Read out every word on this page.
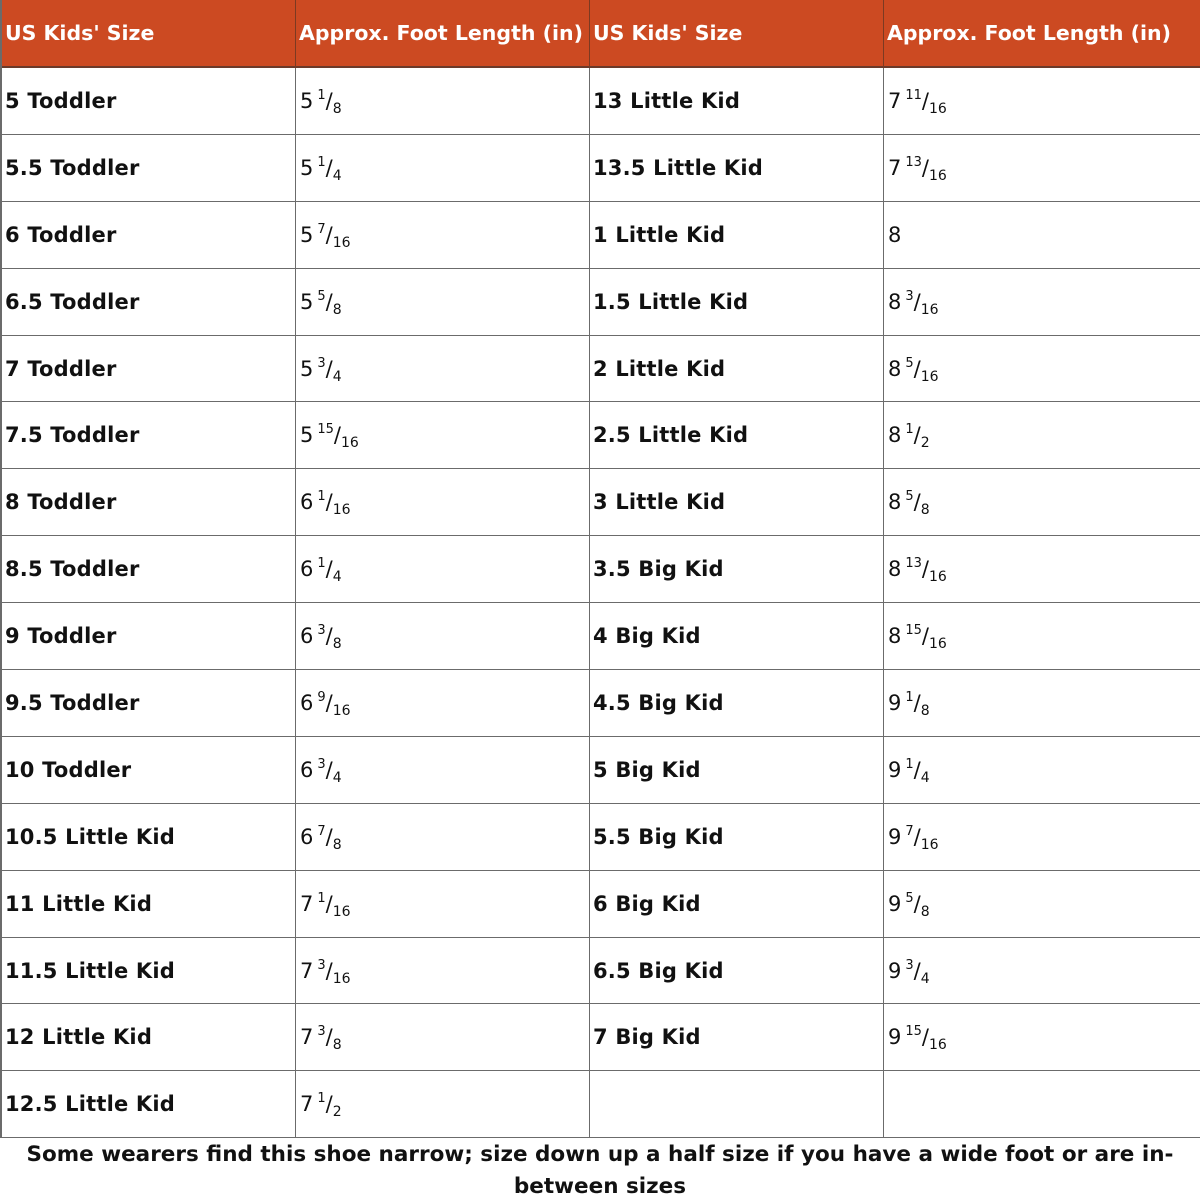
US Kids' Size	Approx. Foot Length (in) US Kids' Size	Approx. Foot Length (in)
5 Toddler	5 $^1/_8$	13 Little Kid	7 $^{11}/_{16}$
5.5 Toddler	5 $^1/_4$	13.5 Little Kid	7 $^{13}/_{16}$
6 Toddler	5 $^7/_{16}$	1 Little Kid	8
6.5 Toddler	5 $^5/_8$	1.5 Little Kid	8 $^3/_{16}$
7 Toddler	5 $^3/_4$	2 Little Kid	8 $^5/_{16}$
7.5 Toddler	5 $^{15}/_{16}$	2.5 Little Kid	8 $^1/_2$
8 Toddler	6 $^1/_{16}$	3 Little Kid	8 $^5/_8$
8.5 Toddler	6 $^1/_4$	3.5 Big Kid	8 $^{13}/_{16}$
9 Toddler	6 $^3/_8$	4 Big Kid	8 $^{15}/_{16}$
9.5 Toddler	6 $^9/_{16}$	4.5 Big Kid	9 $^1/_8$
10 Toddler	6 $^3/_4$	5 Big Kid	9 $^1/_4$
10.5 Little Kid	6 $^7/_8$	5.5 Big Kid	9 $^7/_{16}$
11 Little Kid	7 $^1/_{16}$	6 Big Kid	9 $^5/_8$
11.5 Little Kid	7 $^3/_{16}$	6.5 Big Kid	9 $^3/_4$
12 Little Kid	7 $^3/_8$	7 Big Kid	9 $^{15}/_{16}$
12.5 Little Kid	7 $^1/_2$
Some wearers find this shoe narrow; size down up a half size if you have a wide foot or are in-between sizes
